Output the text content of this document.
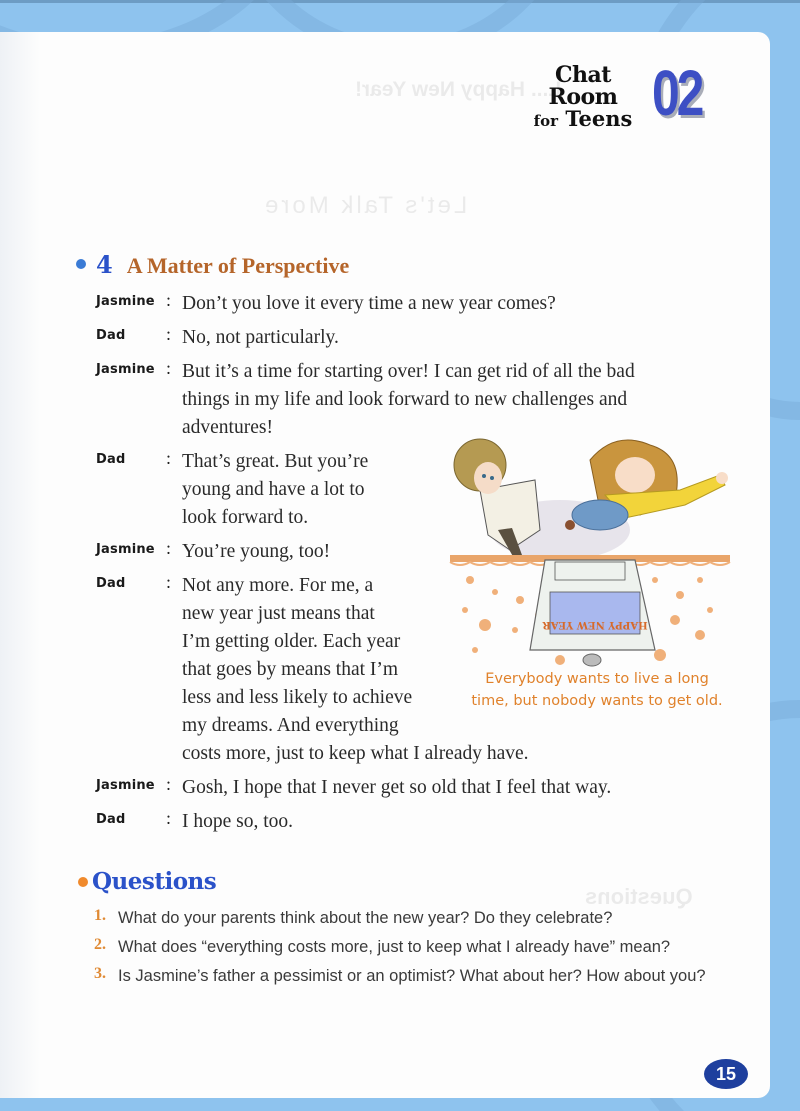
L... Happy New Year!
Let's Talk More
Questions
Chat Room
for Teens 02
4 A Matter of Perspective
Jasmine : Don’t you love it every time a new year comes?

Dad	: No, not particularly.

Jasmine : But it’s a time for starting over! I can get rid of all the bad

things in my life and look forward to new challenges and

adventures!

Dad	: That’s great. But you’re

young and have a lot to

look forward to.

Jasmine : You’re young, too!

Dad	: Not any more. For me, a

new year just means that

I’m getting older. Each year

that goes by means that I’m

less and less likely to achieve

my dreams. And everything

costs more, just to keep what I already have.

Jasmine : Gosh, I hope that I never get so old that I feel that way.

Dad	: I hope so, too.

HAPPY NEW YEAR
Everybody wants to live a long
time, but nobody wants to get old.
Questions
1. What do your parents think about the new year? Do they celebrate?
2. What does “everything costs more, just to keep what I already have” mean?
3. Is Jasmine’s father a pessimist or an optimist? What about her? How about you?
15
